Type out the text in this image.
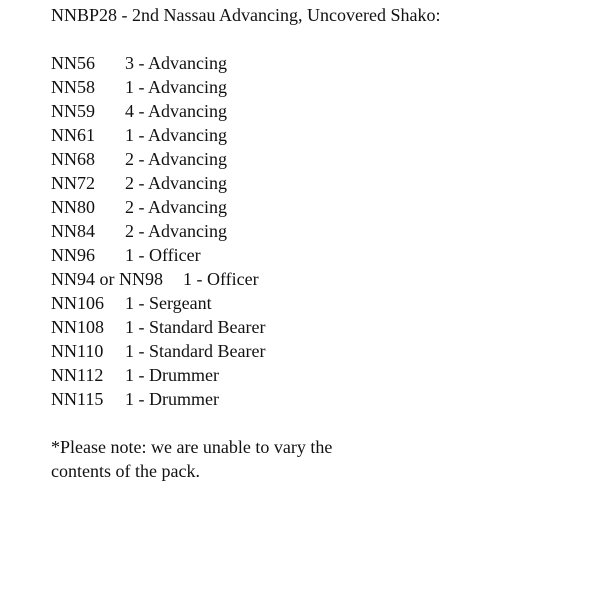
NNBP28 - 2nd Nassau Advancing, Uncovered Shako:
NN56 3 - Advancing
NN58 1 - Advancing
NN59 4 - Advancing
NN61 1 - Advancing
NN68 2 - Advancing
NN72 2 - Advancing
NN80 2 - Advancing
NN84 2 - Advancing
NN96 1 - Officer
NN94 or NN98 1 - Officer
NN106 1 - Sergeant
NN108 1 - Standard Bearer
NN110 1 - Standard Bearer
NN112 1 - Drummer
NN115 1 - Drummer
*Please note: we are unable to vary the
contents of the pack.
